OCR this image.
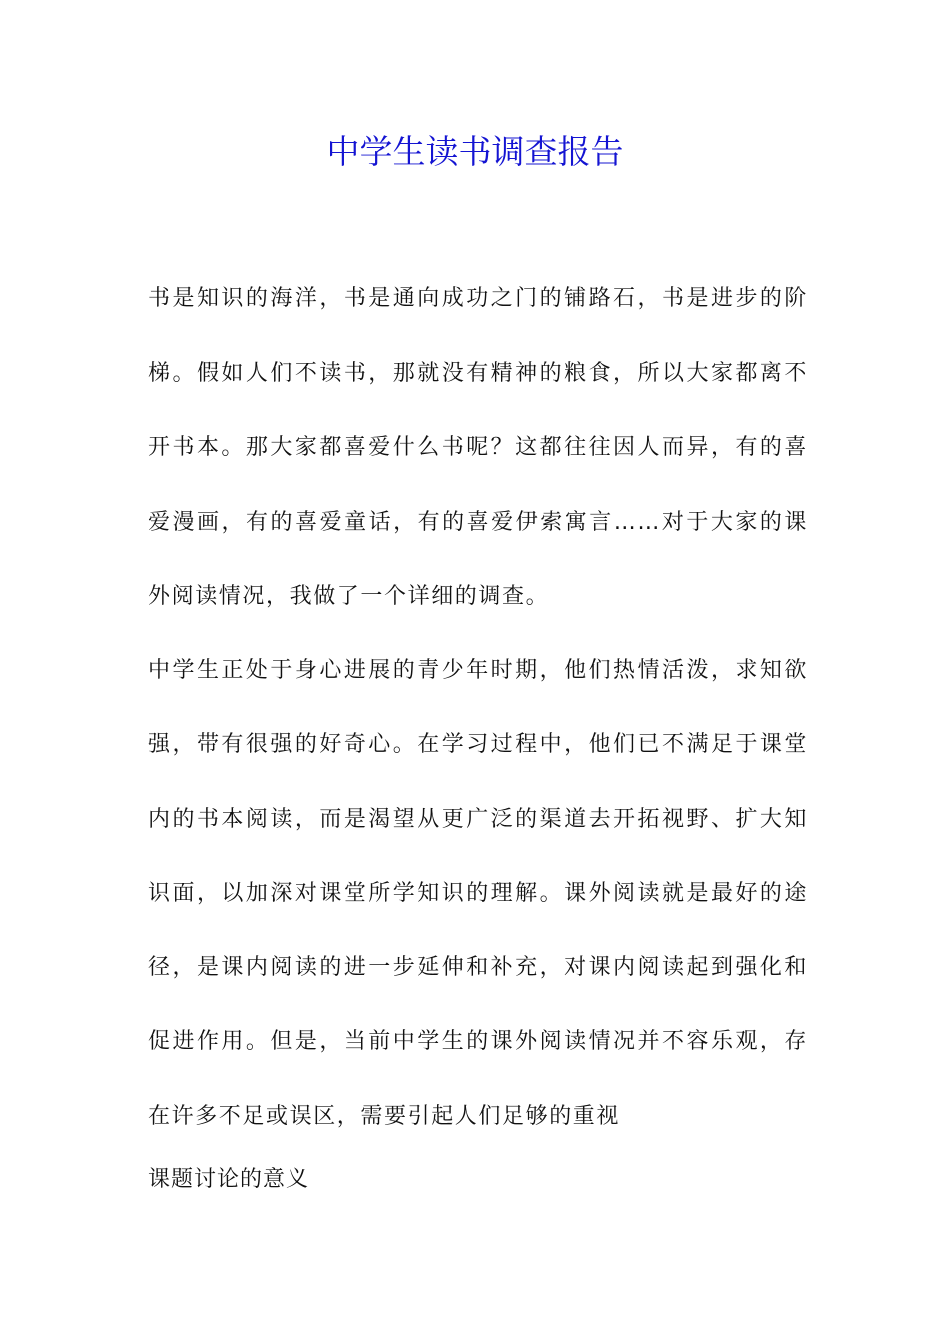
中学生读书调查报告

书是知识的海洋，书是通向成功之门的铺路石，书是进步的阶梯。假如人们不读书，那就没有精神的粮食，所以大家都离不开书本。那大家都喜爱什么书呢？这都往往因人而异，有的喜爱漫画，有的喜爱童话，有的喜爱伊索寓言……对于大家的课外阅读情况，我做了一个详细的调查。

中学生正处于身心进展的青少年时期，他们热情活泼，求知欲强，带有很强的好奇心。在学习过程中，他们已不满足于课堂内的书本阅读，而是渴望从更广泛的渠道去开拓视野、扩大知识面，以加深对课堂所学知识的理解。课外阅读就是最好的途径，是课内阅读的进一步延伸和补充，对课内阅读起到强化和促进作用。但是，当前中学生的课外阅读情况并不容乐观，存在许多不足或误区，需要引起人们足够的重视

课题讨论的意义
